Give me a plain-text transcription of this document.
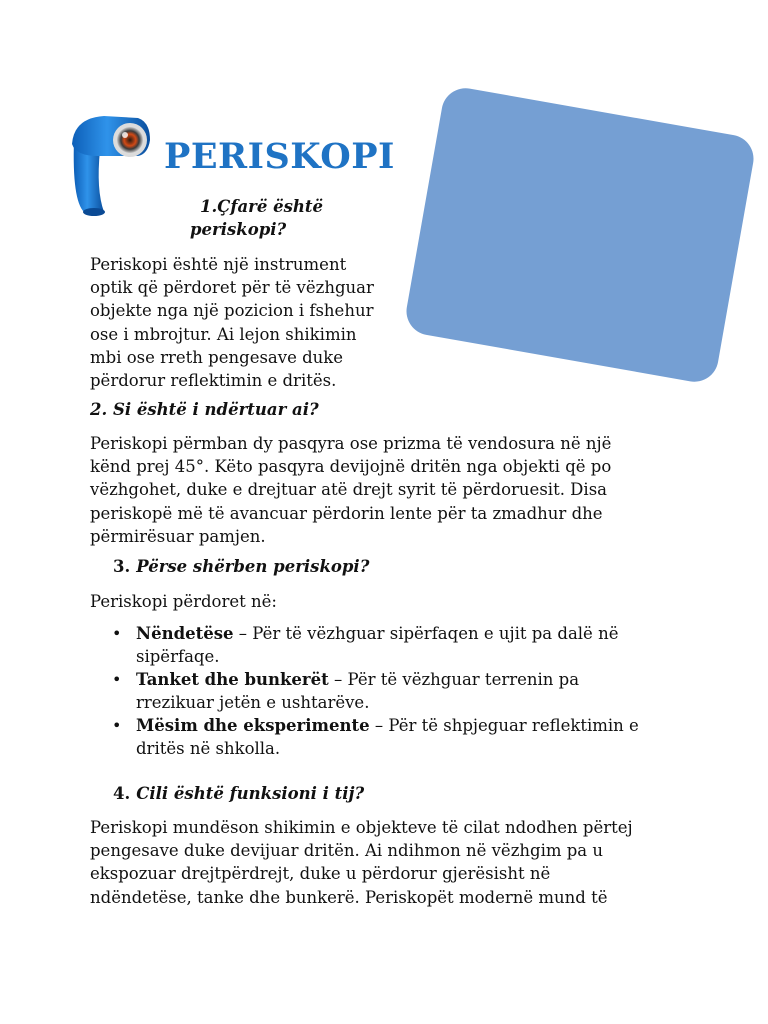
PERISKOPI
1.Çfarë është
periskopi?

Periskopi është një instrument
optik që përdoret për të vëzhguar
objekte nga një pozicion i fshehur
ose i mbrojtur. Ai lejon shikimin
mbi ose rreth pengesave duke
përdorur reflektimin e dritës.

2. Si është i ndërtuar ai?

Periskopi përmban dy pasqyra ose prizma të vendosura në një
kënd prej 45°. Këto pasqyra devijojnë dritën nga objekti që po
vëzhgohet, duke e drejtuar atë drejt syrit të përdoruesit. Disa
periskopë më të avancuar përdorin lente për ta zmadhur dhe
përmirësuar pamjen.

3. Përse shërben periskopi?

Periskopi përdoret në:

• Nëndetëse – Për të vëzhguar sipërfaqen e ujit pa dalë në
sipërfaqe.
• Tanket dhe bunkerët – Për të vëzhguar terrenin pa
rrezikuar jetën e ushtarëve.
• Mësim dhe eksperimente – Për të shpjeguar reflektimin e
dritës në shkolla.
4. Cili është funksioni i tij?

Periskopi mundëson shikimin e objekteve të cilat ndodhen përtej
pengesave duke devijuar dritën. Ai ndihmon në vëzhgim pa u
ekspozuar drejtpërdrejt, duke u përdorur gjerësisht në
ndëndetëse, tanke dhe bunkerë. Periskopët modernë mund të
